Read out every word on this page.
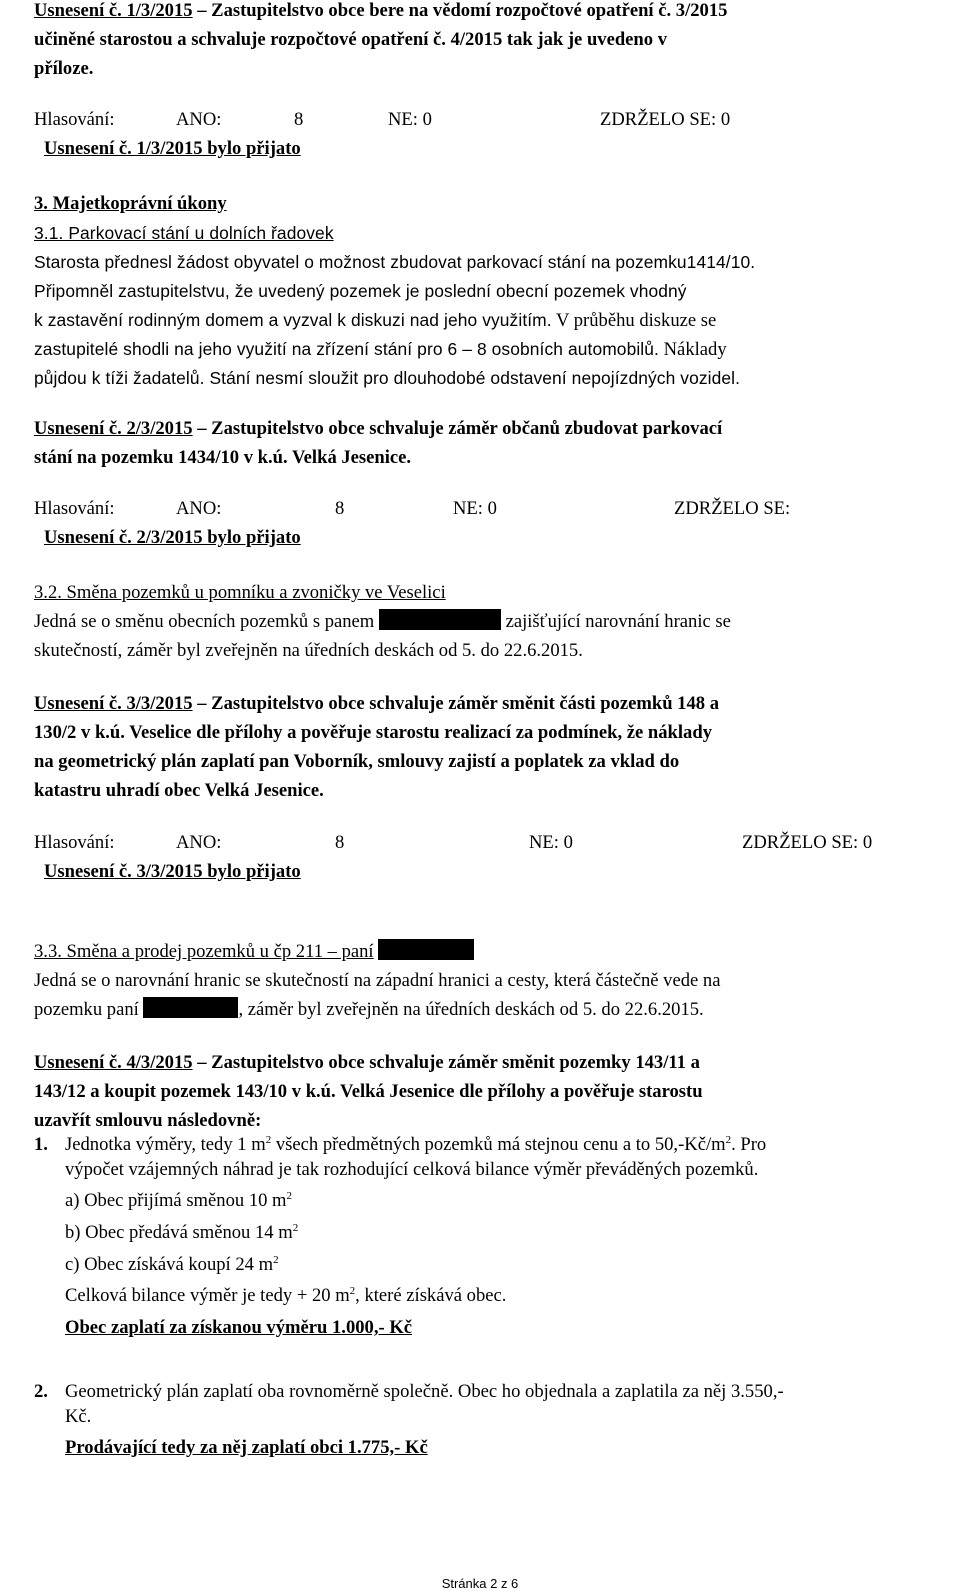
Usnesení č. 1/3/2015 – Zastupitelstvo obce bere na vědomí rozpočtové opatření č. 3/2015
učiněné starostou a schvaluje rozpočtové opatření č. 4/2015 tak jak je uvedeno v
příloze.
Hlasování:	ANO:	8	NE: 0	ZDRŽELO SE: 0
Usnesení č. 1/3/2015 bylo přijato
3. Majetkoprávní úkony
3.1. Parkovací stání u dolních řadovek
Starosta přednesl žádost obyvatel o možnost zbudovat parkovací stání na pozemku1414/10.
Připomněl zastupitelstvu, že uvedený pozemek je poslední obecní pozemek vhodný
k zastavění rodinným domem a vyzval k diskuzi nad jeho využitím. V průběhu diskuze se
zastupitelé shodli na jeho využití na zřízení stání pro 6 – 8 osobních automobilů. Náklady
půjdou k tíži žadatelů. Stání nesmí sloužit pro dlouhodobé odstavení nepojízdných vozidel.
Usnesení č. 2/3/2015 – Zastupitelstvo obce schvaluje záměr občanů zbudovat parkovací
stání na pozemku 1434/10 v k.ú. Velká Jesenice.
Hlasování:	ANO:	8	NE: 0	ZDRŽELO SE:
Usnesení č. 2/3/2015 bylo přijato
3.2. Směna pozemků u pomníku a zvoničky ve Veselici
Jedná se o směnu obecních pozemků s panem	zajišťující narovnání hranic se
skutečností, záměr byl zveřejněn na úředních deskách od 5. do 22.6.2015.
Usnesení č. 3/3/2015 – Zastupitelstvo obce schvaluje záměr směnit části pozemků 148 a
130/2 v k.ú. Veselice dle přílohy a pověřuje starostu realizací za podmínek, že náklady
na geometrický plán zaplatí pan Voborník, smlouvy zajistí a poplatek za vklad do
katastru uhradí obec Velká Jesenice.
Hlasování:	ANO:	8	NE: 0	ZDRŽELO SE: 0
Usnesení č. 3/3/2015 bylo přijato
3.3. Směna a prodej pozemků u čp 211 – paní
Jedná se o narovnání hranic se skutečností na západní hranici a cesty, která částečně vede na
pozemku paní	, záměr byl zveřejněn na úředních deskách od 5. do 22.6.2015.
Usnesení č. 4/3/2015 – Zastupitelstvo obce schvaluje záměr směnit pozemky 143/11 a
143/12 a koupit pozemek 143/10 v k.ú. Velká Jesenice dle přílohy a pověřuje starostu
uzavřít smlouvu následovně:
1. Jednotka výměry, tedy 1 $m^2$ všech předmětných pozemků má stejnou cenu a to $50,-Kč/m^2$. Pro
výpočet vzájemných náhrad je tak rozhodující celková bilance výměr převáděných pozemků.
a) Obec přijímá směnou 10 $m^2$
b) Obec předává směnou 14 $m^2$
c) Obec získává koupí 24 $m^2$
Celková bilance výměr je tedy + 20 $m^2$, které získává obec.
Obec zaplatí za získanou výměru 1.000,- Kč
2. Geometrický plán zaplatí oba rovnoměrně společně. Obec ho objednala a zaplatila za něj 3.550,-
Kč.
Prodávající tedy za něj zaplatí obci 1.775,- Kč
Stránka 2 z 6
